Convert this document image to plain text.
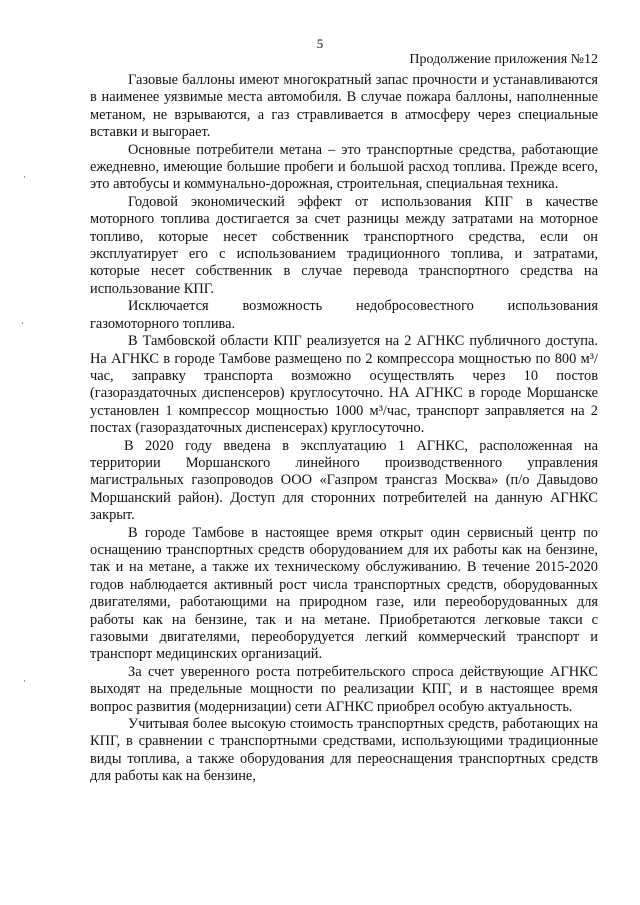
5
Продолжение приложения №12

Газовые баллоны имеют многократный запас прочности и устанавливаются в наименее уязвимые места автомобиля. В случае пожара баллоны, наполненные метаном, не взрываются, а газ стравливается в атмосферу через специальные вставки и выгорает.

Основные потребители метана – это транспортные средства, работающие ежедневно, имеющие большие пробеги и большой расход топлива. Прежде всего, это автобусы и коммунально-дорожная, строительная, специальная техника.

Годовой экономический эффект от использования КПГ в качестве моторного топлива достигается за счет разницы между затратами на моторное топливо, которые несет собственник транспортного средства, если он эксплуатирует его с использованием традиционного топлива, и затратами, которые несет собственник в случае перевода транспортного средства на использование КПГ.

Исключается возможность недобросовестного использования газомоторного топлива.

В Тамбовской области КПГ реализуется на 2 АГНКС публичного доступа. На АГНКС в городе Тамбове размещено по 2 компрессора мощностью по 800 м³/час, заправку транспорта возможно осуществлять через 10 постов (газораздаточных диспенсеров) круглосуточно. НА АГНКС в городе Моршанске установлен 1 компрессор мощностью 1000 м³/час, транспорт заправляется на 2 постах (газораздаточных диспенсерах) круглосуточно.

В 2020 году введена в эксплуатацию 1 АГНКС, расположенная на территории Моршанского линейного производственного управления магистральных газопроводов ООО «Газпром трансгаз Москва» (п/о Давыдово Моршанский район). Доступ для сторонних потребителей на данную АГНКС закрыт.

В городе Тамбове в настоящее время открыт один сервисный центр по оснащению транспортных средств оборудованием для их работы как на бензине, так и на метане, а также их техническому обслуживанию. В течение 2015-2020 годов наблюдается активный рост числа транспортных средств, оборудованных двигателями, работающими на природном газе, или переоборудованных для работы как на бензине, так и на метане. Приобретаются легковые такси с газовыми двигателями, переоборудуется легкий коммерческий транспорт и транспорт медицинских организаций.

За счет уверенного роста потребительского спроса действующие АГНКС выходят на предельные мощности по реализации КПГ, и в настоящее время вопрос развития (модернизации) сети АГНКС приобрел особую актуальность.

Учитывая более высокую стоимость транспортных средств, работающих на КПГ, в сравнении с транспортными средствами, использующими традиционные виды топлива, а также оборудования для переоснащения транспортных средств для работы как на бензине,
